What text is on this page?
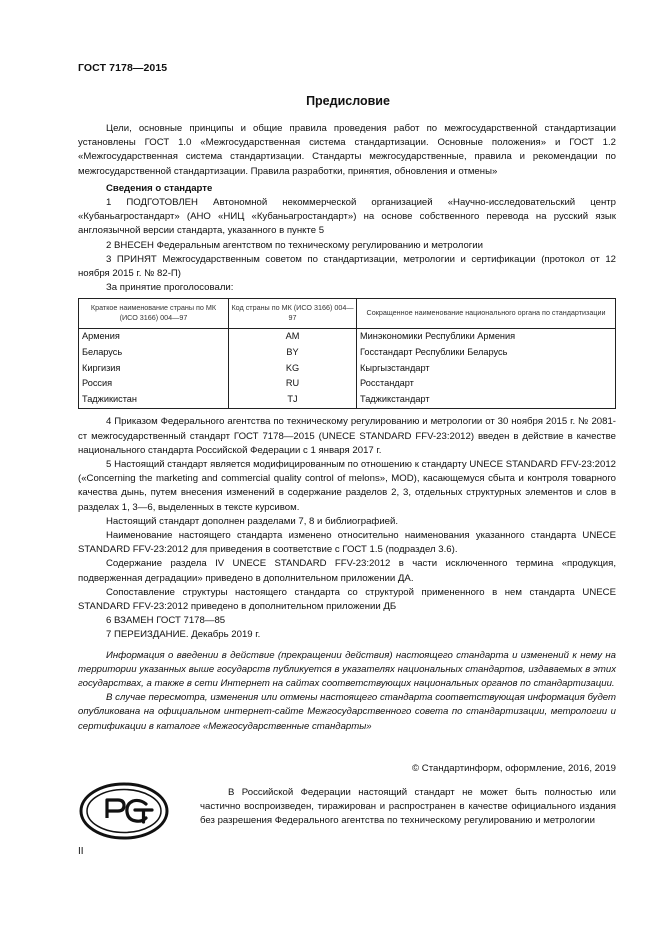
ГОСТ 7178—2015
Предисловие

Цели, основные принципы и общие правила проведения работ по межгосударственной стандартизации установлены ГОСТ 1.0 «Межгосударственная система стандартизации. Основные положения» и ГОСТ 1.2 «Межгосударственная система стандартизации. Стандарты межгосударственные, правила и рекомендации по межгосударственной стандартизации. Правила разработки, принятия, обновления и отмены»

Сведения о стандарте

1 ПОДГОТОВЛЕН Автономной некоммерческой организацией «Научно-исследовательский центр «Кубаньагростандарт» (АНО «НИЦ «Кубаньагростандарт») на основе собственного перевода на русский язык англоязычной версии стандарта, указанного в пункте 5

2 ВНЕСЕН Федеральным агентством по техническому регулированию и метрологии

3 ПРИНЯТ Межгосударственным советом по стандартизации, метрологии и сертификации (протокол от 12 ноября 2015 г. № 82-П)

За принятие проголосовали:

Краткое наименование страны по МК (ИСО 3166) 004—97	Код страны по МК (ИСО 3166) 004—97	Сокращенное наименование национального органа по стандартизации
Армения	AM	Минэкономики Республики Армения
Беларусь	BY	Госстандарт Республики Беларусь
Киргизия	KG	Кыргызстандарт
Россия	RU	Росстандарт
Таджикистан	TJ	Таджикстандарт

4 Приказом Федерального агентства по техническому регулированию и метрологии от 30 ноября 2015 г. № 2081-ст межгосударственный стандарт ГОСТ 7178—2015 (UNECE STANDARD FFV-23:2012) введен в действие в качестве национального стандарта Российской Федерации с 1 января 2017 г.

5 Настоящий стандарт является модифицированным по отношению к стандарту UNECE STANDARD FFV-23:2012 («Concerning the marketing and commercial quality control of melons», MOD), касающемуся сбыта и контроля товарного качества дынь, путем внесения изменений в содержание разделов 2, 3, отдельных структурных элементов и слов в разделах 1, 3—6, выделенных в тексте курсивом.

Настоящий стандарт дополнен разделами 7, 8 и библиографией.

Наименование настоящего стандарта изменено относительно наименования указанного стандарта UNECE STANDARD FFV-23:2012 для приведения в соответствие с ГОСТ 1.5 (подраздел 3.6).

Содержание раздела IV UNECE STANDARD FFV-23:2012 в части исключенного термина «продукция, подверженная деградации» приведено в дополнительном приложении ДА.

Сопоставление структуры настоящего стандарта со структурой примененного в нем стандарта UNECE STANDARD FFV-23:2012 приведено в дополнительном приложении ДБ

6 ВЗАМЕН ГОСТ 7178—85

7 ПЕРЕИЗДАНИЕ. Декабрь 2019 г.

Информация о введении в действие (прекращении действия) настоящего стандарта и изменений к нему на территории указанных выше государств публикуется в указателях национальных стандартов, издаваемых в этих государствах, а также в сети Интернет на сайтах соответствующих национальных органов по стандартизации.

В случае пересмотра, изменения или отмены настоящего стандарта соответствующая информация будет опубликована на официальном интернет-сайте Межгосударственного совета по стандартизации, метрологии и сертификации в каталоге «Межгосударственные стандарты»

© Стандартинформ, оформление, 2016, 2019

В Российской Федерации настоящий стандарт не может быть полностью или частично воспроизведен, тиражирован и распространен в качестве официального издания без разрешения Федерального агентства по техническому регулированию и метрологии

II
